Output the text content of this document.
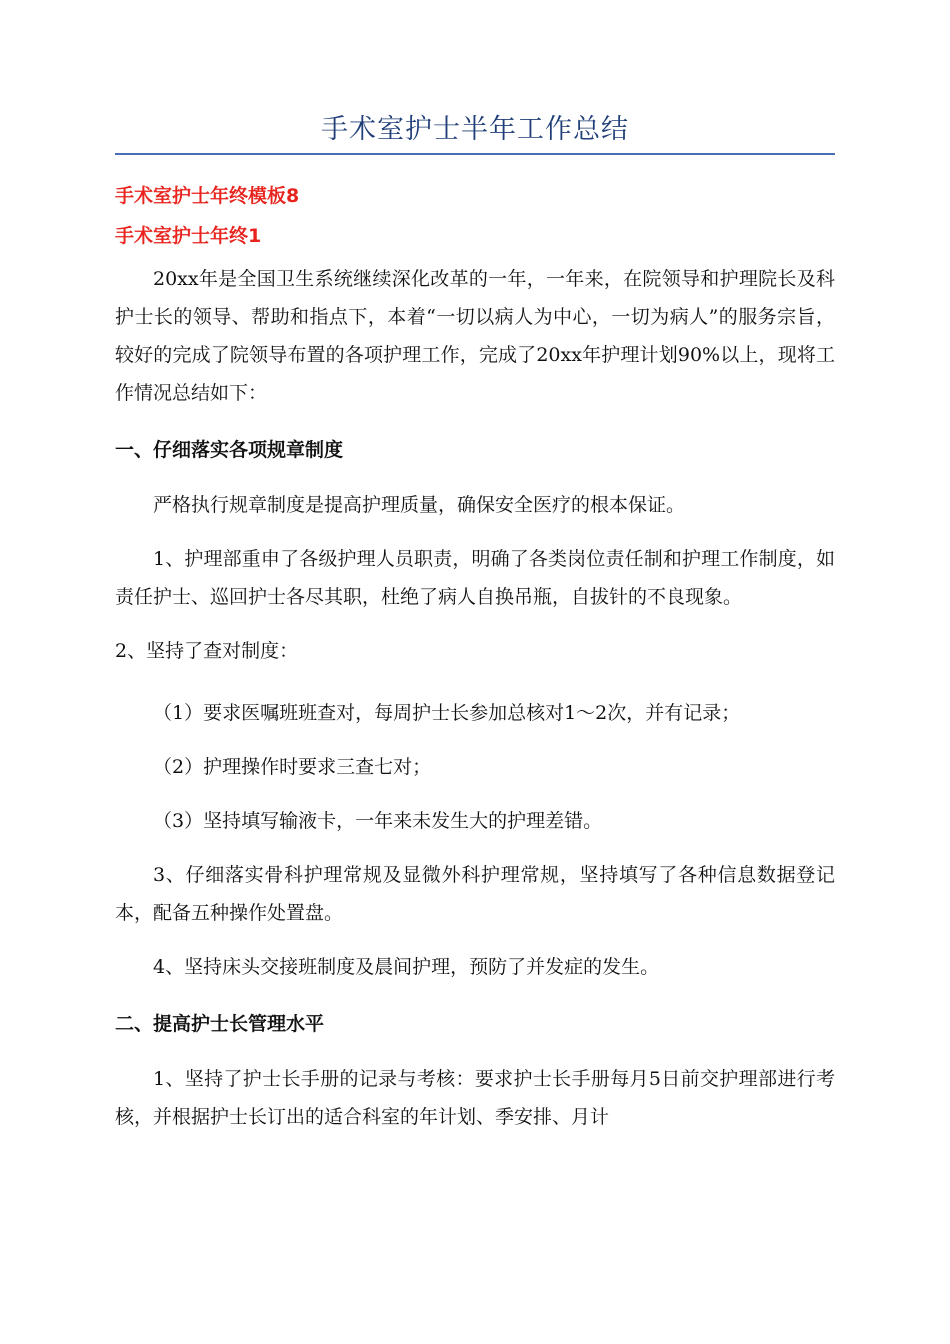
手术室护士半年工作总结

手术室护士年终模板8

手术室护士年终1

20xx年是全国卫生系统继续深化改革的一年，一年来，在院领导和护理院长及科护士长的领导、帮助和指点下，本着“一切以病人为中心，一切为病人”的服务宗旨，较好的完成了院领导布置的各项护理工作，完成了20xx年护理计划90%以上，现将工作情况总结如下：

一、仔细落实各项规章制度

严格执行规章制度是提高护理质量，确保安全医疗的根本保证。

1、护理部重申了各级护理人员职责，明确了各类岗位责任制和护理工作制度，如责任护士、巡回护士各尽其职，杜绝了病人自换吊瓶，自拔针的不良现象。

2、坚持了查对制度：

（1）要求医嘱班班查对，每周护士长参加总核对1～2次，并有记录；

（2）护理操作时要求三查七对；

（3）坚持填写输液卡，一年来未发生大的护理差错。

3、仔细落实骨科护理常规及显微外科护理常规，坚持填写了各种信息数据登记本，配备五种操作处置盘。

4、坚持床头交接班制度及晨间护理，预防了并发症的发生。

二、提高护士长管理水平

1、坚持了护士长手册的记录与考核：要求护士长手册每月5日前交护理部进行考核，并根据护士长订出的适合科室的年计划、季安排、月计
